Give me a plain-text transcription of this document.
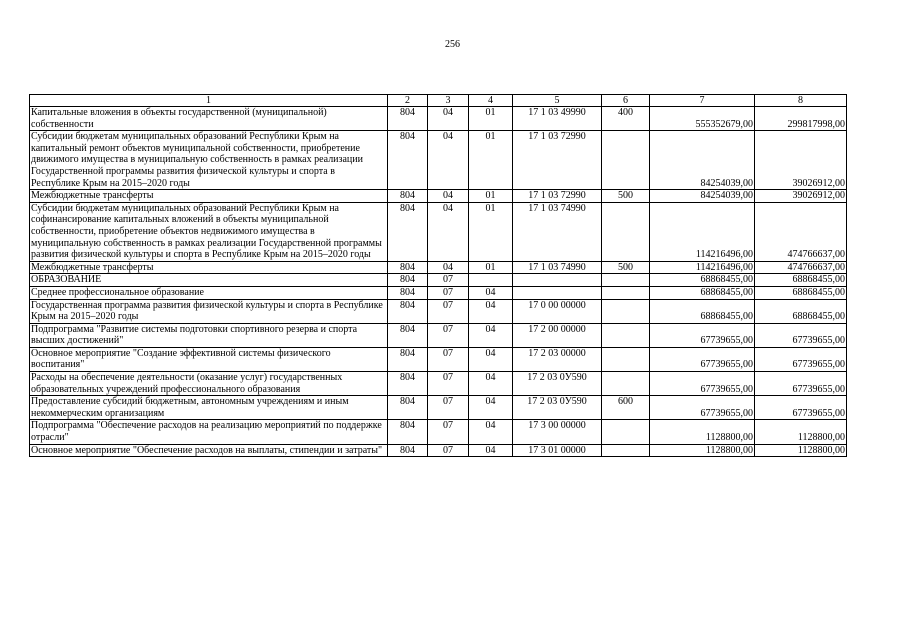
256
1	2	3	4	5	6	7	8
Капитальные вложения в объекты государственной (муниципальной) собственности	804	04	01	17 1 03 49990	400	555352679,00	299817998,00
Субсидии бюджетам муниципальных образований Республики Крым на капитальный ремонт объектов муниципальной собственности, приобретение движимого имущества в муниципальную собственность в рамках реализации Государственной программы развития физической культуры и спорта в Республике Крым на 2015–2020 годы	804	04	01	17 1 03 72990		84254039,00	39026912,00
Межбюджетные трансферты	804	04	01	17 1 03 72990	500	84254039,00	39026912,00
Субсидии бюджетам муниципальных образований Республики Крым на софинансирование капитальных вложений в объекты муниципальной собственности, приобретение объектов недвижимого имущества в муниципальную собственность в рамках реализации Государственной программы развития физической культуры и спорта в Республике Крым на 2015–2020 годы	804	04	01	17 1 03 74990		114216496,00	474766637,00
Межбюджетные трансферты	804	04	01	17 1 03 74990	500	114216496,00	474766637,00
ОБРАЗОВАНИЕ	804	07				68868455,00	68868455,00
Среднее профессиональное образование	804	07	04			68868455,00	68868455,00
Государственная программа развития физической культуры и спорта в Республике Крым на 2015–2020 годы	804	07	04	17 0 00 00000		68868455,00	68868455,00
Подпрограмма "Развитие системы подготовки спортивного резерва и спорта высших достижений"	804	07	04	17 2 00 00000		67739655,00	67739655,00
Основное мероприятие "Создание эффективной системы физического воспитания"	804	07	04	17 2 03 00000		67739655,00	67739655,00
Расходы на обеспечение деятельности (оказание услуг) государственных образовательных учреждений профессионального образования	804	07	04	17 2 03 0У590		67739655,00	67739655,00
Предоставление субсидий бюджетным, автономным учреждениям и иным некоммерческим организациям	804	07	04	17 2 03 0У590	600	67739655,00	67739655,00
Подпрограмма "Обеспечение расходов на реализацию мероприятий по поддержке отрасли"	804	07	04	17 3 00 00000		1128800,00	1128800,00
Основное мероприятие "Обеспечение расходов на выплаты, стипендии и затраты"	804	07	04	17 3 01 00000		1128800,00	1128800,00
